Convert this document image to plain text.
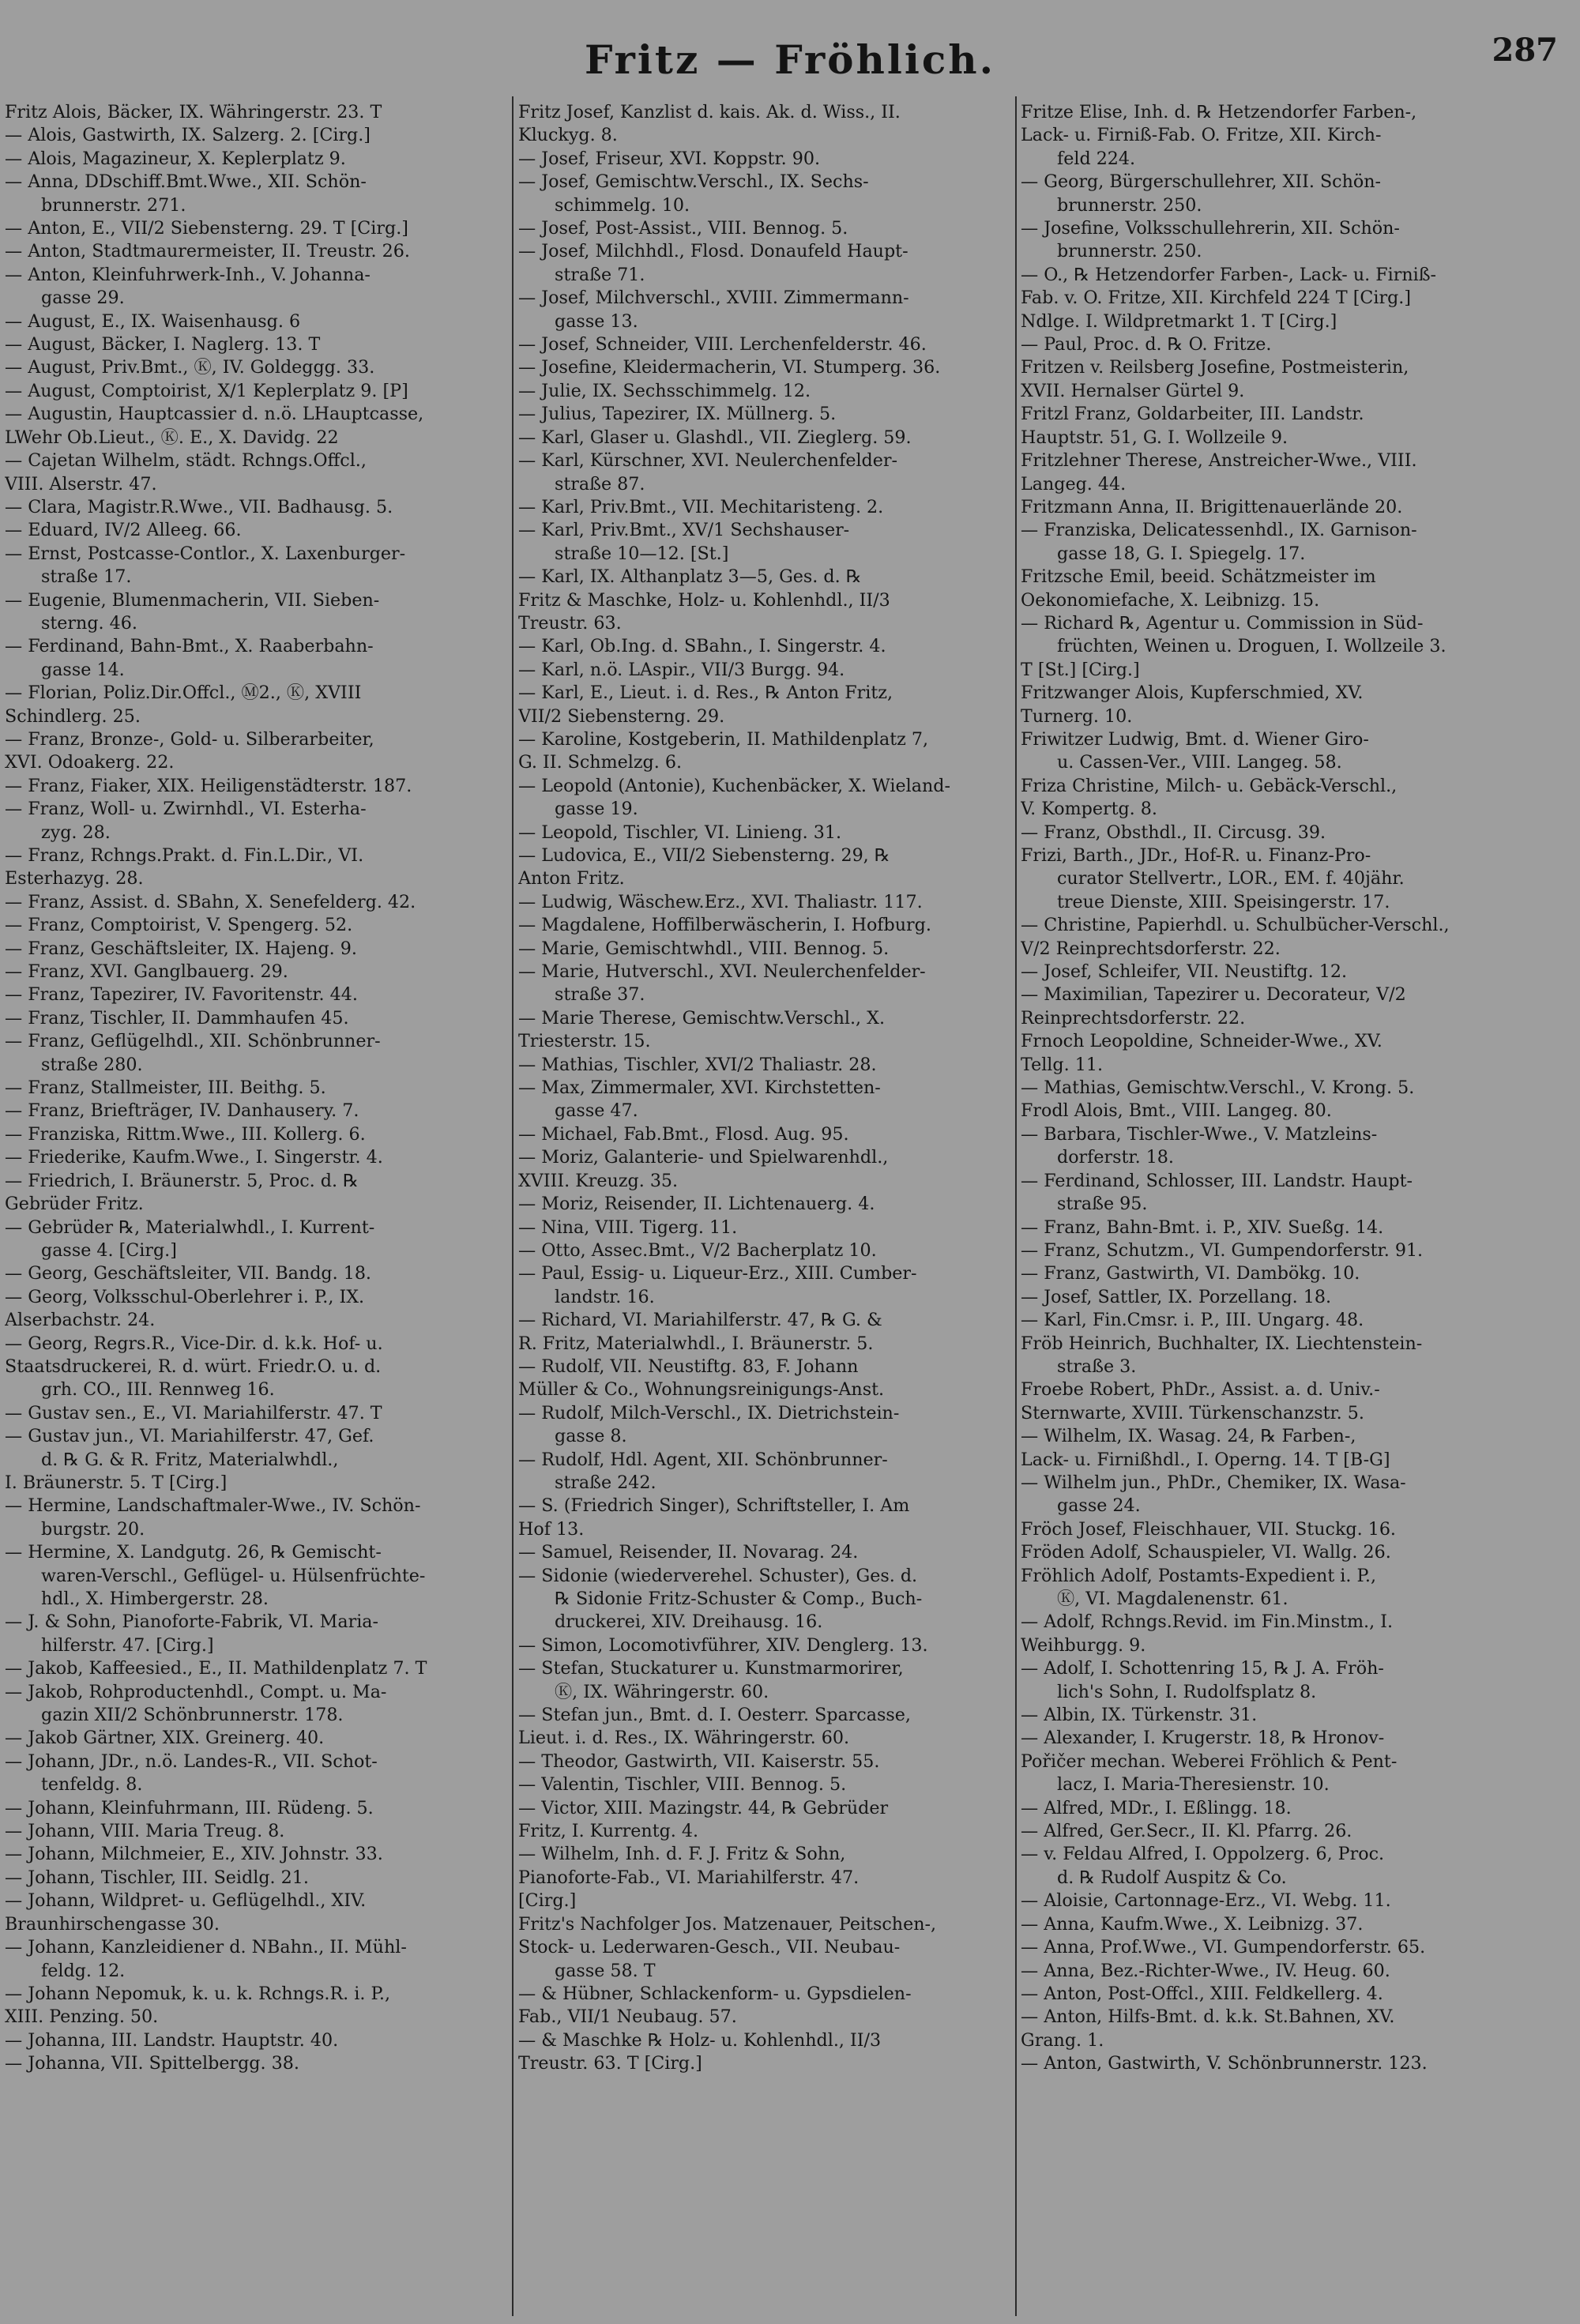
Fritz — Fröhlich.	287
Fritz Alois, Bäcker, IX. Währingerstr. 23. T
— Alois, Gastwirth, IX. Salzerg. 2. [Cirg.]
— Alois, Magazineur, X. Keplerplatz 9.
— Anna, DDschiff.Bmt.Wwe., XII. Schön-
brunnerstr. 271.
— Anton, E., VII/2 Siebensterng. 29. T [Cirg.]
— Anton, Stadtmaurermeister, II. Treustr. 26.
— Anton, Kleinfuhrwerk-Inh., V. Johanna-
gasse 29.
— August, E., IX. Waisenhausg. 6
— August, Bäcker, I. Naglerg. 13. T
— August, Priv.Bmt., Ⓚ, IV. Goldeggg. 33.
— August, Comptoirist, X/1 Keplerplatz 9. [P]
— Augustin, Hauptcassier d. n.ö. LHauptcasse,
LWehr Ob.Lieut., Ⓚ. E., X. Davidg. 22
— Cajetan Wilhelm, städt. Rchngs.Offcl.,
VIII. Alserstr. 47.
— Clara, Magistr.R.Wwe., VII. Badhausg. 5.
— Eduard, IV/2 Alleeg. 66.
— Ernst, Postcasse-Contlor., X. Laxenburger-
straße 17.
— Eugenie, Blumenmacherin, VII. Sieben-
sterng. 46.
— Ferdinand, Bahn-Bmt., X. Raaberbahn-
gasse 14.
— Florian, Poliz.Dir.Offcl., Ⓜ2., Ⓚ, XVIII
Schindlerg. 25.
— Franz, Bronze-, Gold- u. Silberarbeiter,
XVI. Odoakerg. 22.
— Franz, Fiaker, XIX. Heiligenstädterstr. 187.
— Franz, Woll- u. Zwirnhdl., VI. Esterha-
zyg. 28.
— Franz, Rchngs.Prakt. d. Fin.L.Dir., VI.
Esterhazyg. 28.
— Franz, Assist. d. SBahn, X. Senefelderg. 42.
— Franz, Comptoirist, V. Spengerg. 52.
— Franz, Geschäftsleiter, IX. Hajeng. 9.
— Franz, XVI. Ganglbauerg. 29.
— Franz, Tapezirer, IV. Favoritenstr. 44.
— Franz, Tischler, II. Dammhaufen 45.
— Franz, Geflügelhdl., XII. Schönbrunner-
straße 280.
— Franz, Stallmeister, III. Beithg. 5.
— Franz, Briefträger, IV. Danhausery. 7.
— Franziska, Rittm.Wwe., III. Kollerg. 6.
— Friederike, Kaufm.Wwe., I. Singerstr. 4.
— Friedrich, I. Bräunerstr. 5, Proc. d. ℞
Gebrüder Fritz.
— Gebrüder ℞, Materialwhdl., I. Kurrent-
gasse 4. [Cirg.]
— Georg, Geschäftsleiter, VII. Bandg. 18.
— Georg, Volksschul-Oberlehrer i. P., IX.
Alserbachstr. 24.
— Georg, Regrs.R., Vice-Dir. d. k.k. Hof- u.
Staatsdruckerei, R. d. würt. Friedr.O. u. d.
grh. CO., III. Rennweg 16.
— Gustav sen., E., VI. Mariahilferstr. 47. T
— Gustav jun., VI. Mariahilferstr. 47, Gef.
d. ℞ G. & R. Fritz, Materialwhdl.,
I. Bräunerstr. 5. T [Cirg.]
— Hermine, Landschaftmaler-Wwe., IV. Schön-
burgstr. 20.
— Hermine, X. Landgutg. 26, ℞ Gemischt-
waren-Verschl., Geflügel- u. Hülsenfrüchte-
hdl., X. Himbergerstr. 28.
— J. & Sohn, Pianoforte-Fabrik, VI. Maria-
hilferstr. 47. [Cirg.]
— Jakob, Kaffeesied., E., II. Mathildenplatz 7. T
— Jakob, Rohproductenhdl., Compt. u. Ma-
gazin XII/2 Schönbrunnerstr. 178.
— Jakob Gärtner, XIX. Greinerg. 40.
— Johann, JDr., n.ö. Landes-R., VII. Schot-
tenfeldg. 8.
— Johann, Kleinfuhrmann, III. Rüdeng. 5.
— Johann, VIII. Maria Treug. 8.
— Johann, Milchmeier, E., XIV. Johnstr. 33.
— Johann, Tischler, III. Seidlg. 21.
— Johann, Wildpret- u. Geflügelhdl., XIV.
Braunhirschengasse 30.
— Johann, Kanzleidiener d. NBahn., II. Mühl-
feldg. 12.
— Johann Nepomuk, k. u. k. Rchngs.R. i. P.,
XIII. Penzing. 50.
— Johanna, III. Landstr. Hauptstr. 40.
— Johanna, VII. Spittelbergg. 38.
Fritz Josef, Kanzlist d. kais. Ak. d. Wiss., II.
Kluckyg. 8.
— Josef, Friseur, XVI. Koppstr. 90.
— Josef, Gemischtw.Verschl., IX. Sechs-
schimmelg. 10.
— Josef, Post-Assist., VIII. Bennog. 5.
— Josef, Milchhdl., Flosd. Donaufeld Haupt-
straße 71.
— Josef, Milchverschl., XVIII. Zimmermann-
gasse 13.
— Josef, Schneider, VIII. Lerchenfelderstr. 46.
— Josefine, Kleidermacherin, VI. Stumperg. 36.
— Julie, IX. Sechsschimmelg. 12.
— Julius, Tapezirer, IX. Müllnerg. 5.
— Karl, Glaser u. Glashdl., VII. Zieglerg. 59.
— Karl, Kürschner, XVI. Neulerchenfelder-
straße 87.
— Karl, Priv.Bmt., VII. Mechitaristeng. 2.
— Karl, Priv.Bmt., XV/1 Sechshauser-
straße 10—12. [St.]
— Karl, IX. Althanplatz 3—5, Ges. d. ℞
Fritz & Maschke, Holz- u. Kohlenhdl., II/3
Treustr. 63.
— Karl, Ob.Ing. d. SBahn., I. Singerstr. 4.
— Karl, n.ö. LAspir., VII/3 Burgg. 94.
— Karl, E., Lieut. i. d. Res., ℞ Anton Fritz,
VII/2 Siebensterng. 29.
— Karoline, Kostgeberin, II. Mathildenplatz 7,
G. II. Schmelzg. 6.
— Leopold (Antonie), Kuchenbäcker, X. Wieland-
gasse 19.
— Leopold, Tischler, VI. Linieng. 31.
— Ludovica, E., VII/2 Siebensterng. 29, ℞
Anton Fritz.
— Ludwig, Wäschew.Erz., XVI. Thaliastr. 117.
— Magdalene, Hoffilberwäscherin, I. Hofburg.
— Marie, Gemischtwhdl., VIII. Bennog. 5.
— Marie, Hutverschl., XVI. Neulerchenfelder-
straße 37.
— Marie Therese, Gemischtw.Verschl., X.
Triesterstr. 15.
— Mathias, Tischler, XVI/2 Thaliastr. 28.
— Max, Zimmermaler, XVI. Kirchstetten-
gasse 47.
— Michael, Fab.Bmt., Flosd. Aug. 95.
— Moriz, Galanterie- und Spielwarenhdl.,
XVIII. Kreuzg. 35.
— Moriz, Reisender, II. Lichtenauerg. 4.
— Nina, VIII. Tigerg. 11.
— Otto, Assec.Bmt., V/2 Bacherplatz 10.
— Paul, Essig- u. Liqueur-Erz., XIII. Cumber-
landstr. 16.
— Richard, VI. Mariahilferstr. 47, ℞ G. &
R. Fritz, Materialwhdl., I. Bräunerstr. 5.
— Rudolf, VII. Neustiftg. 83, F. Johann
Müller & Co., Wohnungsreinigungs-Anst.
— Rudolf, Milch-Verschl., IX. Dietrichstein-
gasse 8.
— Rudolf, Hdl. Agent, XII. Schönbrunner-
straße 242.
— S. (Friedrich Singer), Schriftsteller, I. Am
Hof 13.
— Samuel, Reisender, II. Novarag. 24.
— Sidonie (wiederverehel. Schuster), Ges. d.
℞ Sidonie Fritz-Schuster & Comp., Buch-
druckerei, XIV. Dreihausg. 16.
— Simon, Locomotivführer, XIV. Denglerg. 13.
— Stefan, Stuckaturer u. Kunstmarmorirer,
Ⓚ, IX. Währingerstr. 60.
— Stefan jun., Bmt. d. I. Oesterr. Sparcasse,
Lieut. i. d. Res., IX. Währingerstr. 60.
— Theodor, Gastwirth, VII. Kaiserstr. 55.
— Valentin, Tischler, VIII. Bennog. 5.
— Victor, XIII. Mazingstr. 44, ℞ Gebrüder
Fritz, I. Kurrentg. 4.
— Wilhelm, Inh. d. F. J. Fritz & Sohn,
Pianoforte-Fab., VI. Mariahilferstr. 47.
[Cirg.]
Fritz's Nachfolger Jos. Matzenauer, Peitschen-,
Stock- u. Lederwaren-Gesch., VII. Neubau-
gasse 58. T
— & Hübner, Schlackenform- u. Gypsdielen-
Fab., VII/1 Neubaug. 57.
— & Maschke ℞ Holz- u. Kohlenhdl., II/3
Treustr. 63. T [Cirg.]
Fritze Elise, Inh. d. ℞ Hetzendorfer Farben-,
Lack- u. Firniß-Fab. O. Fritze, XII. Kirch-
feld 224.
— Georg, Bürgerschullehrer, XII. Schön-
brunnerstr. 250.
— Josefine, Volksschullehrerin, XII. Schön-
brunnerstr. 250.
— O., ℞ Hetzendorfer Farben-, Lack- u. Firniß-
Fab. v. O. Fritze, XII. Kirchfeld 224 T [Cirg.]
Ndlge. I. Wildpretmarkt 1. T [Cirg.]
— Paul, Proc. d. ℞ O. Fritze.
Fritzen v. Reilsberg Josefine, Postmeisterin,
XVII. Hernalser Gürtel 9.
Fritzl Franz, Goldarbeiter, III. Landstr.
Hauptstr. 51, G. I. Wollzeile 9.
Fritzlehner Therese, Anstreicher-Wwe., VIII.
Langeg. 44.
Fritzmann Anna, II. Brigittenauerlände 20.
— Franziska, Delicatessenhdl., IX. Garnison-
gasse 18, G. I. Spiegelg. 17.
Fritzsche Emil, beeid. Schätzmeister im
Oekonomiefache, X. Leibnizg. 15.
— Richard ℞, Agentur u. Commission in Süd-
früchten, Weinen u. Droguen, I. Wollzeile 3.
T [St.] [Cirg.]
Fritzwanger Alois, Kupferschmied, XV.
Turnerg. 10.
Friwitzer Ludwig, Bmt. d. Wiener Giro-
u. Cassen-Ver., VIII. Langeg. 58.
Friza Christine, Milch- u. Gebäck-Verschl.,
V. Kompertg. 8.
— Franz, Obsthdl., II. Circusg. 39.
Frizi, Barth., JDr., Hof-R. u. Finanz-Pro-
curator Stellvertr., LOR., EM. f. 40jähr.
treue Dienste, XIII. Speisingerstr. 17.
— Christine, Papierhdl. u. Schulbücher-Verschl.,
V/2 Reinprechtsdorferstr. 22.
— Josef, Schleifer, VII. Neustiftg. 12.
— Maximilian, Tapezirer u. Decorateur, V/2
Reinprechtsdorferstr. 22.
Frnoch Leopoldine, Schneider-Wwe., XV.
Tellg. 11.
— Mathias, Gemischtw.Verschl., V. Krong. 5.
Frodl Alois, Bmt., VIII. Langeg. 80.
— Barbara, Tischler-Wwe., V. Matzleins-
dorferstr. 18.
— Ferdinand, Schlosser, III. Landstr. Haupt-
straße 95.
— Franz, Bahn-Bmt. i. P., XIV. Sueßg. 14.
— Franz, Schutzm., VI. Gumpendorferstr. 91.
— Franz, Gastwirth, VI. Dambökg. 10.
— Josef, Sattler, IX. Porzellang. 18.
— Karl, Fin.Cmsr. i. P., III. Ungarg. 48.
Fröb Heinrich, Buchhalter, IX. Liechtenstein-
straße 3.
Froebe Robert, PhDr., Assist. a. d. Univ.-
Sternwarte, XVIII. Türkenschanzstr. 5.
— Wilhelm, IX. Wasag. 24, ℞ Farben-,
Lack- u. Firnißhdl., I. Operng. 14. T [B-G]
— Wilhelm jun., PhDr., Chemiker, IX. Wasa-
gasse 24.
Fröch Josef, Fleischhauer, VII. Stuckg. 16.
Fröden Adolf, Schauspieler, VI. Wallg. 26.
Fröhlich Adolf, Postamts-Expedient i. P.,
Ⓚ, VI. Magdalenenstr. 61.
— Adolf, Rchngs.Revid. im Fin.Minstm., I.
Weihburgg. 9.
— Adolf, I. Schottenring 15, ℞ J. A. Fröh-
lich's Sohn, I. Rudolfsplatz 8.
— Albin, IX. Türkenstr. 31.
— Alexander, I. Krugerstr. 18, ℞ Hronov-
Pořičer mechan. Weberei Fröhlich & Pent-
lacz, I. Maria-Theresienstr. 10.
— Alfred, MDr., I. Eßlingg. 18.
— Alfred, Ger.Secr., II. Kl. Pfarrg. 26.
— v. Feldau Alfred, I. Oppolzerg. 6, Proc.
d. ℞ Rudolf Auspitz & Co.
— Aloisie, Cartonnage-Erz., VI. Webg. 11.
— Anna, Kaufm.Wwe., X. Leibnizg. 37.
— Anna, Prof.Wwe., VI. Gumpendorferstr. 65.
— Anna, Bez.-Richter-Wwe., IV. Heug. 60.
— Anton, Post-Offcl., XIII. Feldkellerg. 4.
— Anton, Hilfs-Bmt. d. k.k. St.Bahnen, XV.
Grang. 1.
— Anton, Gastwirth, V. Schönbrunnerstr. 123.
